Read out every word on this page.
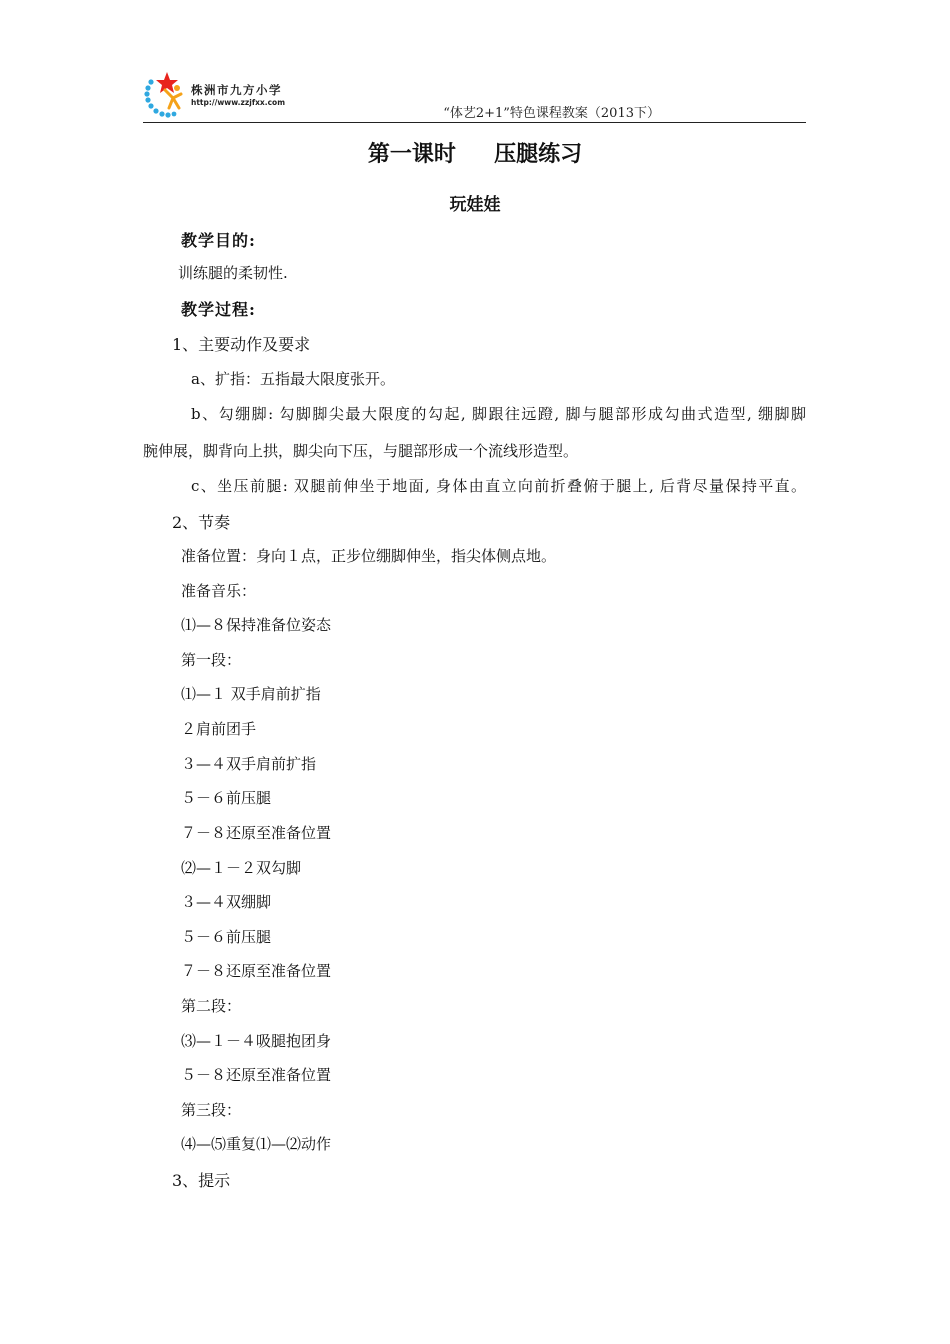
株洲市九方小学
http://www.zzjfxx.com
“体艺2+1”特色课程教案（2013下）
第一课时     压腿练习
玩娃娃
教学目的:
训练腿的柔韧性.
教学过程:
1、主要动作及要求
a、扩指：五指最大限度张开。
b、勾绷脚: 勾脚脚尖最大限度的勾起, 脚跟往远蹬, 脚与腿部形成勾曲式造型, 绷脚脚
腕伸展，脚背向上拱，脚尖向下压，与腿部形成一个流线形造型。
c、坐压前腿: 双腿前伸坐于地面, 身体由直立向前折叠俯于腿上, 后背尽量保持平直。
2、节奏
准备位置：身向１点，正步位绷脚伸坐，指尖体侧点地。
准备音乐：
⑴—８保持准备位姿态
第一段：
⑴—１ 双手肩前扩指
２肩前团手
３—４双手肩前扩指
５－６前压腿
７－８还原至准备位置
⑵—１－２双勾脚
３—４双绷脚
５－６前压腿
７－８还原至准备位置
第二段：
⑶—１－４吸腿抱团身
５－８还原至准备位置
第三段：
⑷—⑸重复⑴—⑵动作
3、提示
